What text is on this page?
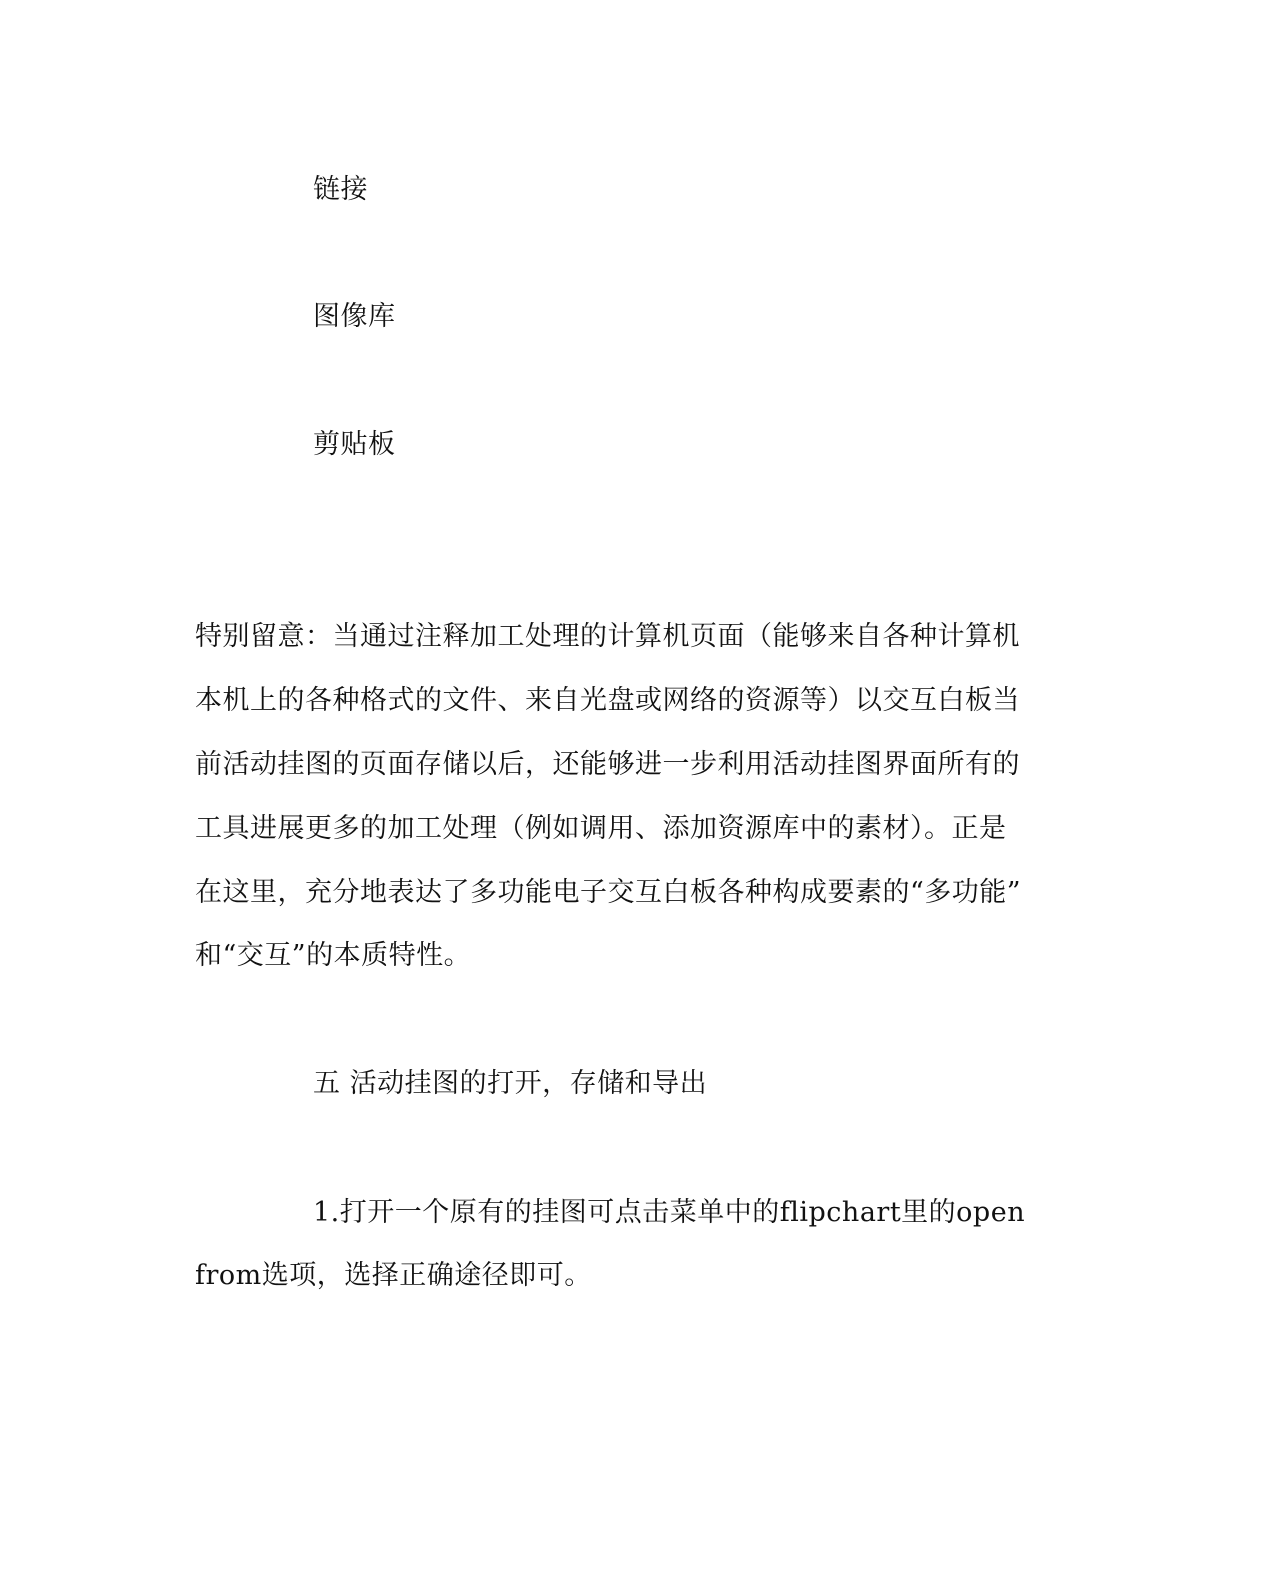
链接
图像库
剪贴板
特别留意：当通过注释加工处理的计算机页面（能够来自各种计算机
本机上的各种格式的文件、来自光盘或网络的资源等）以交互白板当
前活动挂图的页面存储以后，还能够进一步利用活动挂图界面所有的
工具进展更多的加工处理（例如调用、添加资源库中的素材）。正是
在这里，充分地表达了多功能电子交互白板各种构成要素的“多功能”
和“交互”的本质特性。
五 活动挂图的打开，存储和导出
1.打开一个原有的挂图可点击菜单中的flipchart里的open
from选项，选择正确途径即可。
